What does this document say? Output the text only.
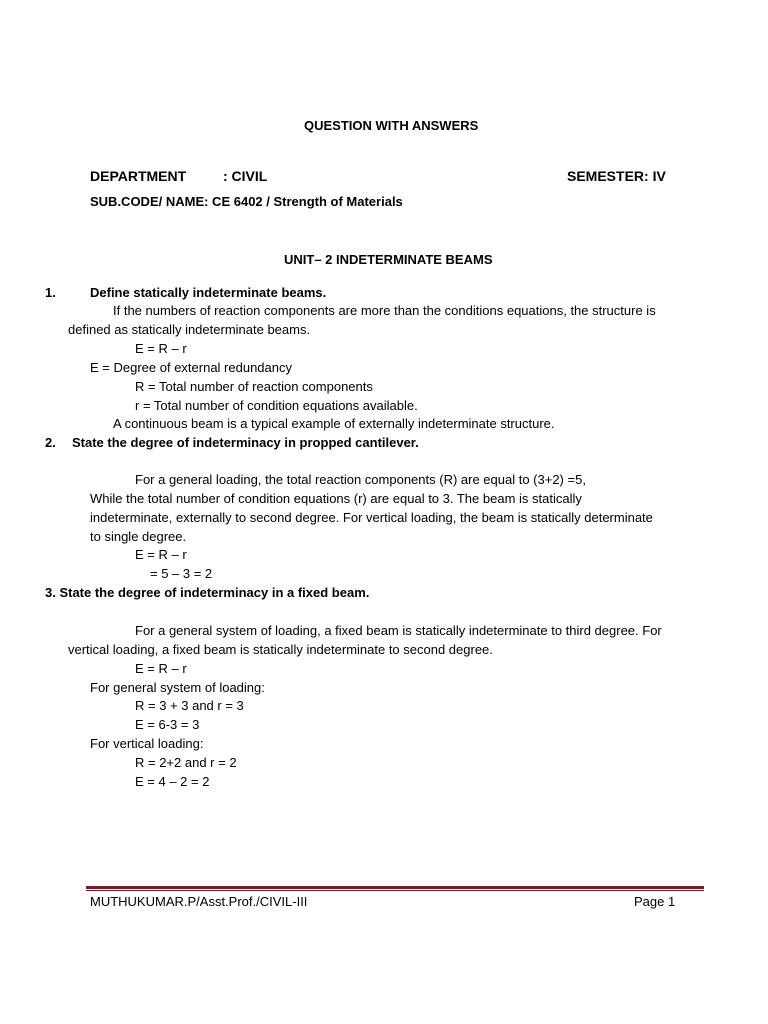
QUESTION WITH ANSWERS
DEPARTMENT	: CIVIL	SEMESTER: IV
SUB.CODE/ NAME: CE 6402 / Strength of Materials
UNIT– 2 INDETERMINATE BEAMS
1.	Define statically indeterminate beams.
If the numbers of reaction components are more than the conditions equations, the structure is
defined as statically indeterminate beams.
E = R – r
E = Degree of external redundancy
R = Total number of reaction components
r = Total number of condition equations available.
A continuous beam is a typical example of externally indeterminate structure.
2. State the degree of indeterminacy in propped cantilever.
For a general loading, the total reaction components (R) are equal to (3+2) =5,
While the total number of condition equations (r) are equal to 3. The beam is statically
indeterminate, externally to second degree. For vertical loading, the beam is statically determinate
to single degree.
E = R – r
= 5 – 3 = 2
3. State the degree of indeterminacy in a fixed beam.
For a general system of loading, a fixed beam is statically indeterminate to third degree. For
vertical loading, a fixed beam is statically indeterminate to second degree.
E = R – r
For general system of loading:
R = 3 + 3 and r = 3
E = 6-3 = 3
For vertical loading:
R = 2+2 and r = 2
E = 4 – 2 = 2
MUTHUKUMAR.P/Asst.Prof./CIVIL-III	Page 1
